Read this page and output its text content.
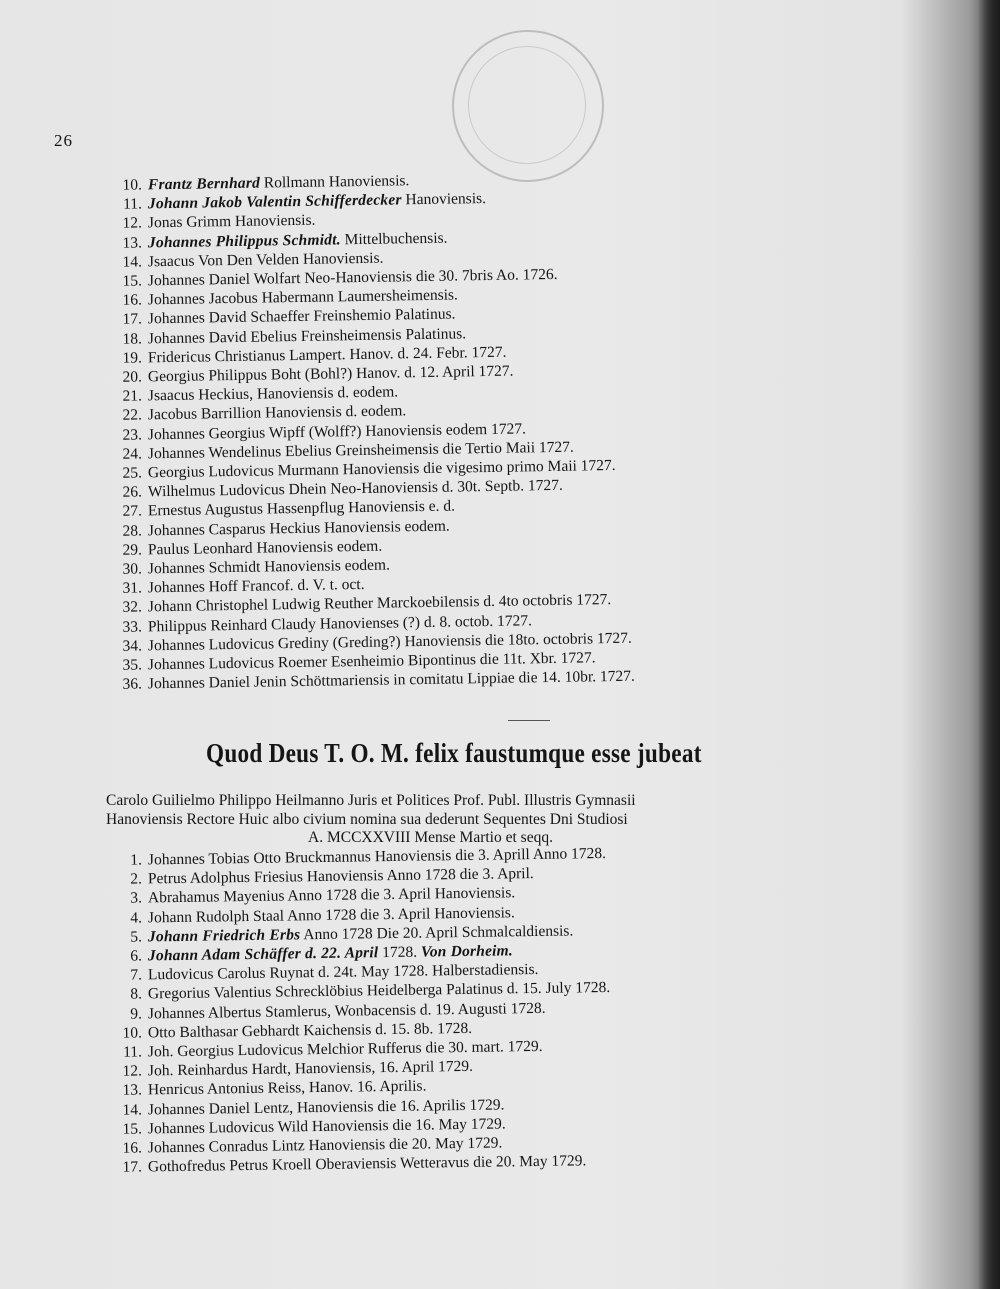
26
10. Frantz Bernhard Rollmann Hanoviensis.
11. Johann Jakob Valentin Schifferdecker Hanoviensis.
12. Jonas Grimm Hanoviensis.
13. Johannes Philippus Schmidt. Mittelbuchensis.
14. Jsaacus Von Den Velden Hanoviensis.
15. Johannes Daniel Wolfart Neo-Hanoviensis die 30. 7bris Ao. 1726.
16. Johannes Jacobus Habermann Laumersheimensis.
17. Johannes David Schaeffer Freinshemio Palatinus.
18. Johannes David Ebelius Freinsheimensis Palatinus.
19. Fridericus Christianus Lampert. Hanov. d. 24. Febr. 1727.
20. Georgius Philippus Boht (Bohl?) Hanov. d. 12. April 1727.
21. Jsaacus Heckius, Hanoviensis d. eodem.
22. Jacobus Barrillion Hanoviensis d. eodem.
23. Johannes Georgius Wipff (Wolff?) Hanoviensis eodem 1727.
24. Johannes Wendelinus Ebelius Greinsheimensis die Tertio Maii 1727.
25. Georgius Ludovicus Murmann Hanoviensis die vigesimo primo Maii 1727.
26. Wilhelmus Ludovicus Dhein Neo-Hanoviensis d. 30t. Septb. 1727.
27. Ernestus Augustus Hassenpflug Hanoviensis e. d.
28. Johannes Casparus Heckius Hanoviensis eodem.
29. Paulus Leonhard Hanoviensis eodem.
30. Johannes Schmidt Hanoviensis eodem.
31. Johannes Hoff Francof. d. V. t. oct.
32. Johann Christophel Ludwig Reuther Marckoebilensis d. 4to octobris 1727.
33. Philippus Reinhard Claudy Hanovienses (?) d. 8. octob. 1727.
34. Johannes Ludovicus Grediny (Greding?) Hanoviensis die 18to. octobris 1727.
35. Johannes Ludovicus Roemer Esenheimio Bipontinus die 11t. Xbr. 1727.
36. Johannes Daniel Jenin Schöttmariensis in comitatu Lippiae die 14. 10br. 1727.
Quod Deus T. O. M. felix faustumque esse jubeat
Carolo Guilielmo Philippo Heilmanno Juris et Politices Prof. Publ. Illustris Gymnasii
Hanoviensis Rectore Huic albo civium nomina sua dederunt Sequentes Dni Studiosi
A. MCCXXVIII Mense Martio et seqq.
1. Johannes Tobias Otto Bruckmannus Hanoviensis die 3. Aprill Anno 1728.
2. Petrus Adolphus Friesius Hanoviensis Anno 1728 die 3. April.
3. Abrahamus Mayenius Anno 1728 die 3. April Hanoviensis.
4. Johann Rudolph Staal Anno 1728 die 3. April Hanoviensis.
5. Johann Friedrich Erbs Anno 1728 Die 20. April Schmalcaldiensis.
6. Johann Adam Schäffer d. 22. April 1728. Von Dorheim.
7. Ludovicus Carolus Ruynat d. 24t. May 1728. Halberstadiensis.
8. Gregorius Valentius Schrecklöbius Heidelberga Palatinus d. 15. July 1728.
9. Johannes Albertus Stamlerus, Wonbacensis d. 19. Augusti 1728.
10. Otto Balthasar Gebhardt Kaichensis d. 15. 8b. 1728.
11. Joh. Georgius Ludovicus Melchior Rufferus die 30. mart. 1729.
12. Joh. Reinhardus Hardt, Hanoviensis, 16. April 1729.
13. Henricus Antonius Reiss, Hanov. 16. Aprilis.
14. Johannes Daniel Lentz, Hanoviensis die 16. Aprilis 1729.
15. Johannes Ludovicus Wild Hanoviensis die 16. May 1729.
16. Johannes Conradus Lintz Hanoviensis die 20. May 1729.
17. Gothofredus Petrus Kroell Oberaviensis Wetteravus die 20. May 1729.
